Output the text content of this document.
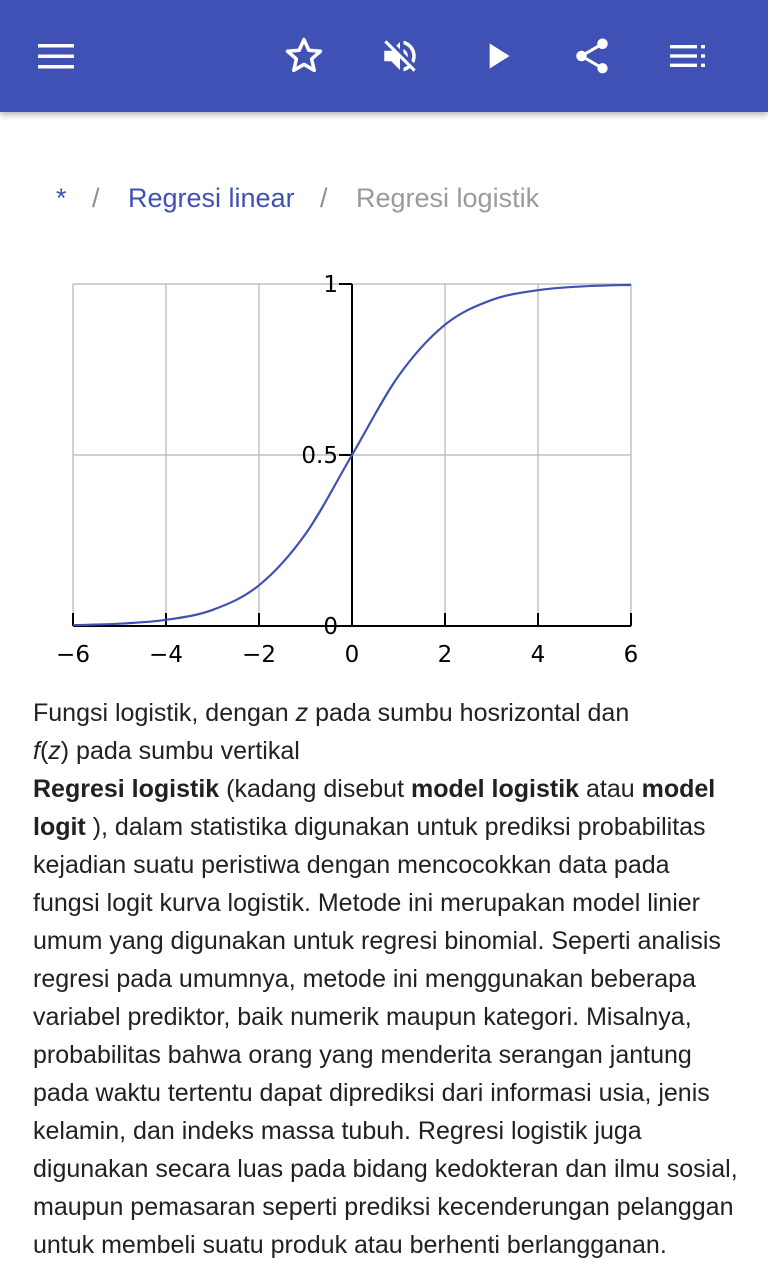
* / Regresi linear / Regresi logistik
−6	−4	−2	0	2	4	6
0
0.5
1

Fungsi logistik, dengan z pada sumbu hosrizontal dan
f(z) pada sumbu vertikal

Regresi logistik (kadang disebut model logistik atau model logit ), dalam statistika digunakan untuk prediksi probabilitas kejadian suatu peristiwa dengan mencocokkan data pada fungsi logit kurva logistik. Metode ini merupakan model linier umum yang digunakan untuk regresi binomial. Seperti analisis regresi pada umumnya, metode ini menggunakan beberapa variabel prediktor, baik numerik maupun kategori. Misalnya, probabilitas bahwa orang yang menderita serangan jantung pada waktu tertentu dapat diprediksi dari informasi usia, jenis kelamin, dan indeks massa tubuh. Regresi logistik juga digunakan secara luas pada bidang kedokteran dan ilmu sosial, maupun pemasaran seperti prediksi kecenderungan pelanggan untuk membeli suatu produk atau berhenti berlangganan.
